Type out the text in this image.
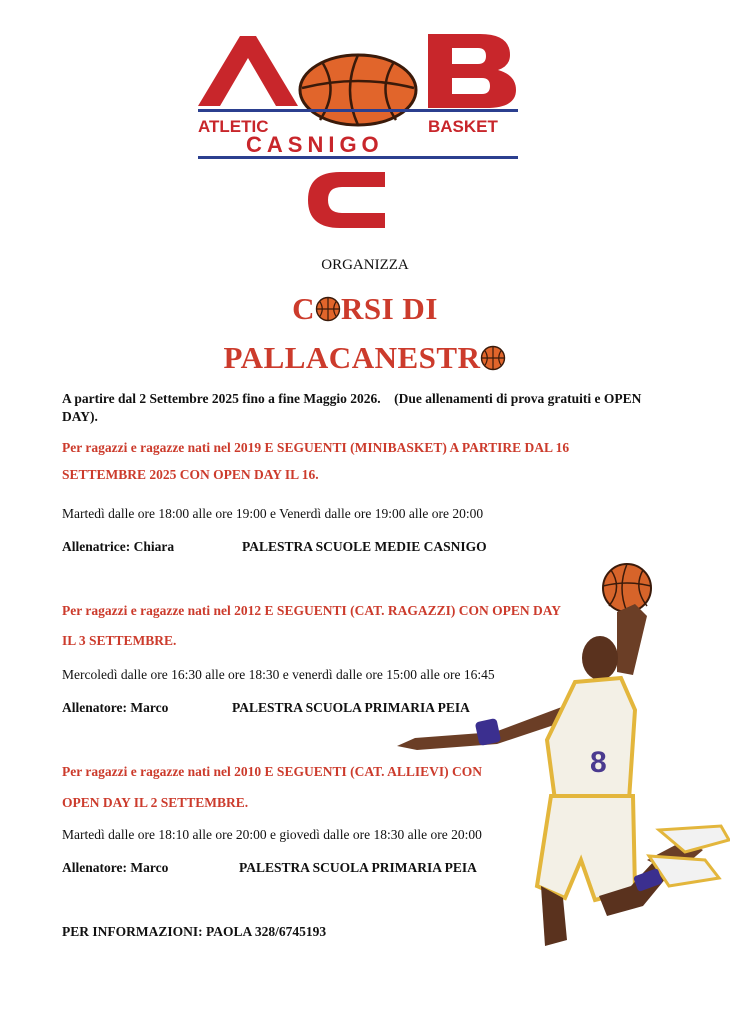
ATLETIC	BASKET
CASNIGO
ORGANIZZA
C RSI DI
PALLACANESTR
A partire dal 2 Settembre 2025 fino a fine Maggio 2026. (Due allenamenti di prova gratuiti e OPEN DAY).
8
Per ragazzi e ragazze nati nel 2019 E SEGUENTI (MINIBASKET) A PARTIRE DAL 16
SETTEMBRE 2025 CON OPEN DAY IL 16.
Martedì dalle ore 18:00 alle ore 19:00 e Venerdì dalle ore 19:00 alle ore 20:00
Allenatrice: Chiara	PALESTRA SCUOLE MEDIE CASNIGO
Per ragazzi e ragazze nati nel 2012 E SEGUENTI (CAT. RAGAZZI) CON OPEN DAY
IL 3 SETTEMBRE.
Mercoledì dalle ore 16:30 alle ore 18:30 e venerdì dalle ore 15:00 alle ore 16:45
Allenatore: Marco	PALESTRA SCUOLA PRIMARIA PEIA
Per ragazzi e ragazze nati nel 2010 E SEGUENTI (CAT. ALLIEVI) CON
OPEN DAY IL 2 SETTEMBRE.
Martedì dalle ore 18:10 alle ore 20:00 e giovedì dalle ore 18:30 alle ore 20:00
Allenatore: Marco	PALESTRA SCUOLA PRIMARIA PEIA
PER INFORMAZIONI: PAOLA 328/6745193
